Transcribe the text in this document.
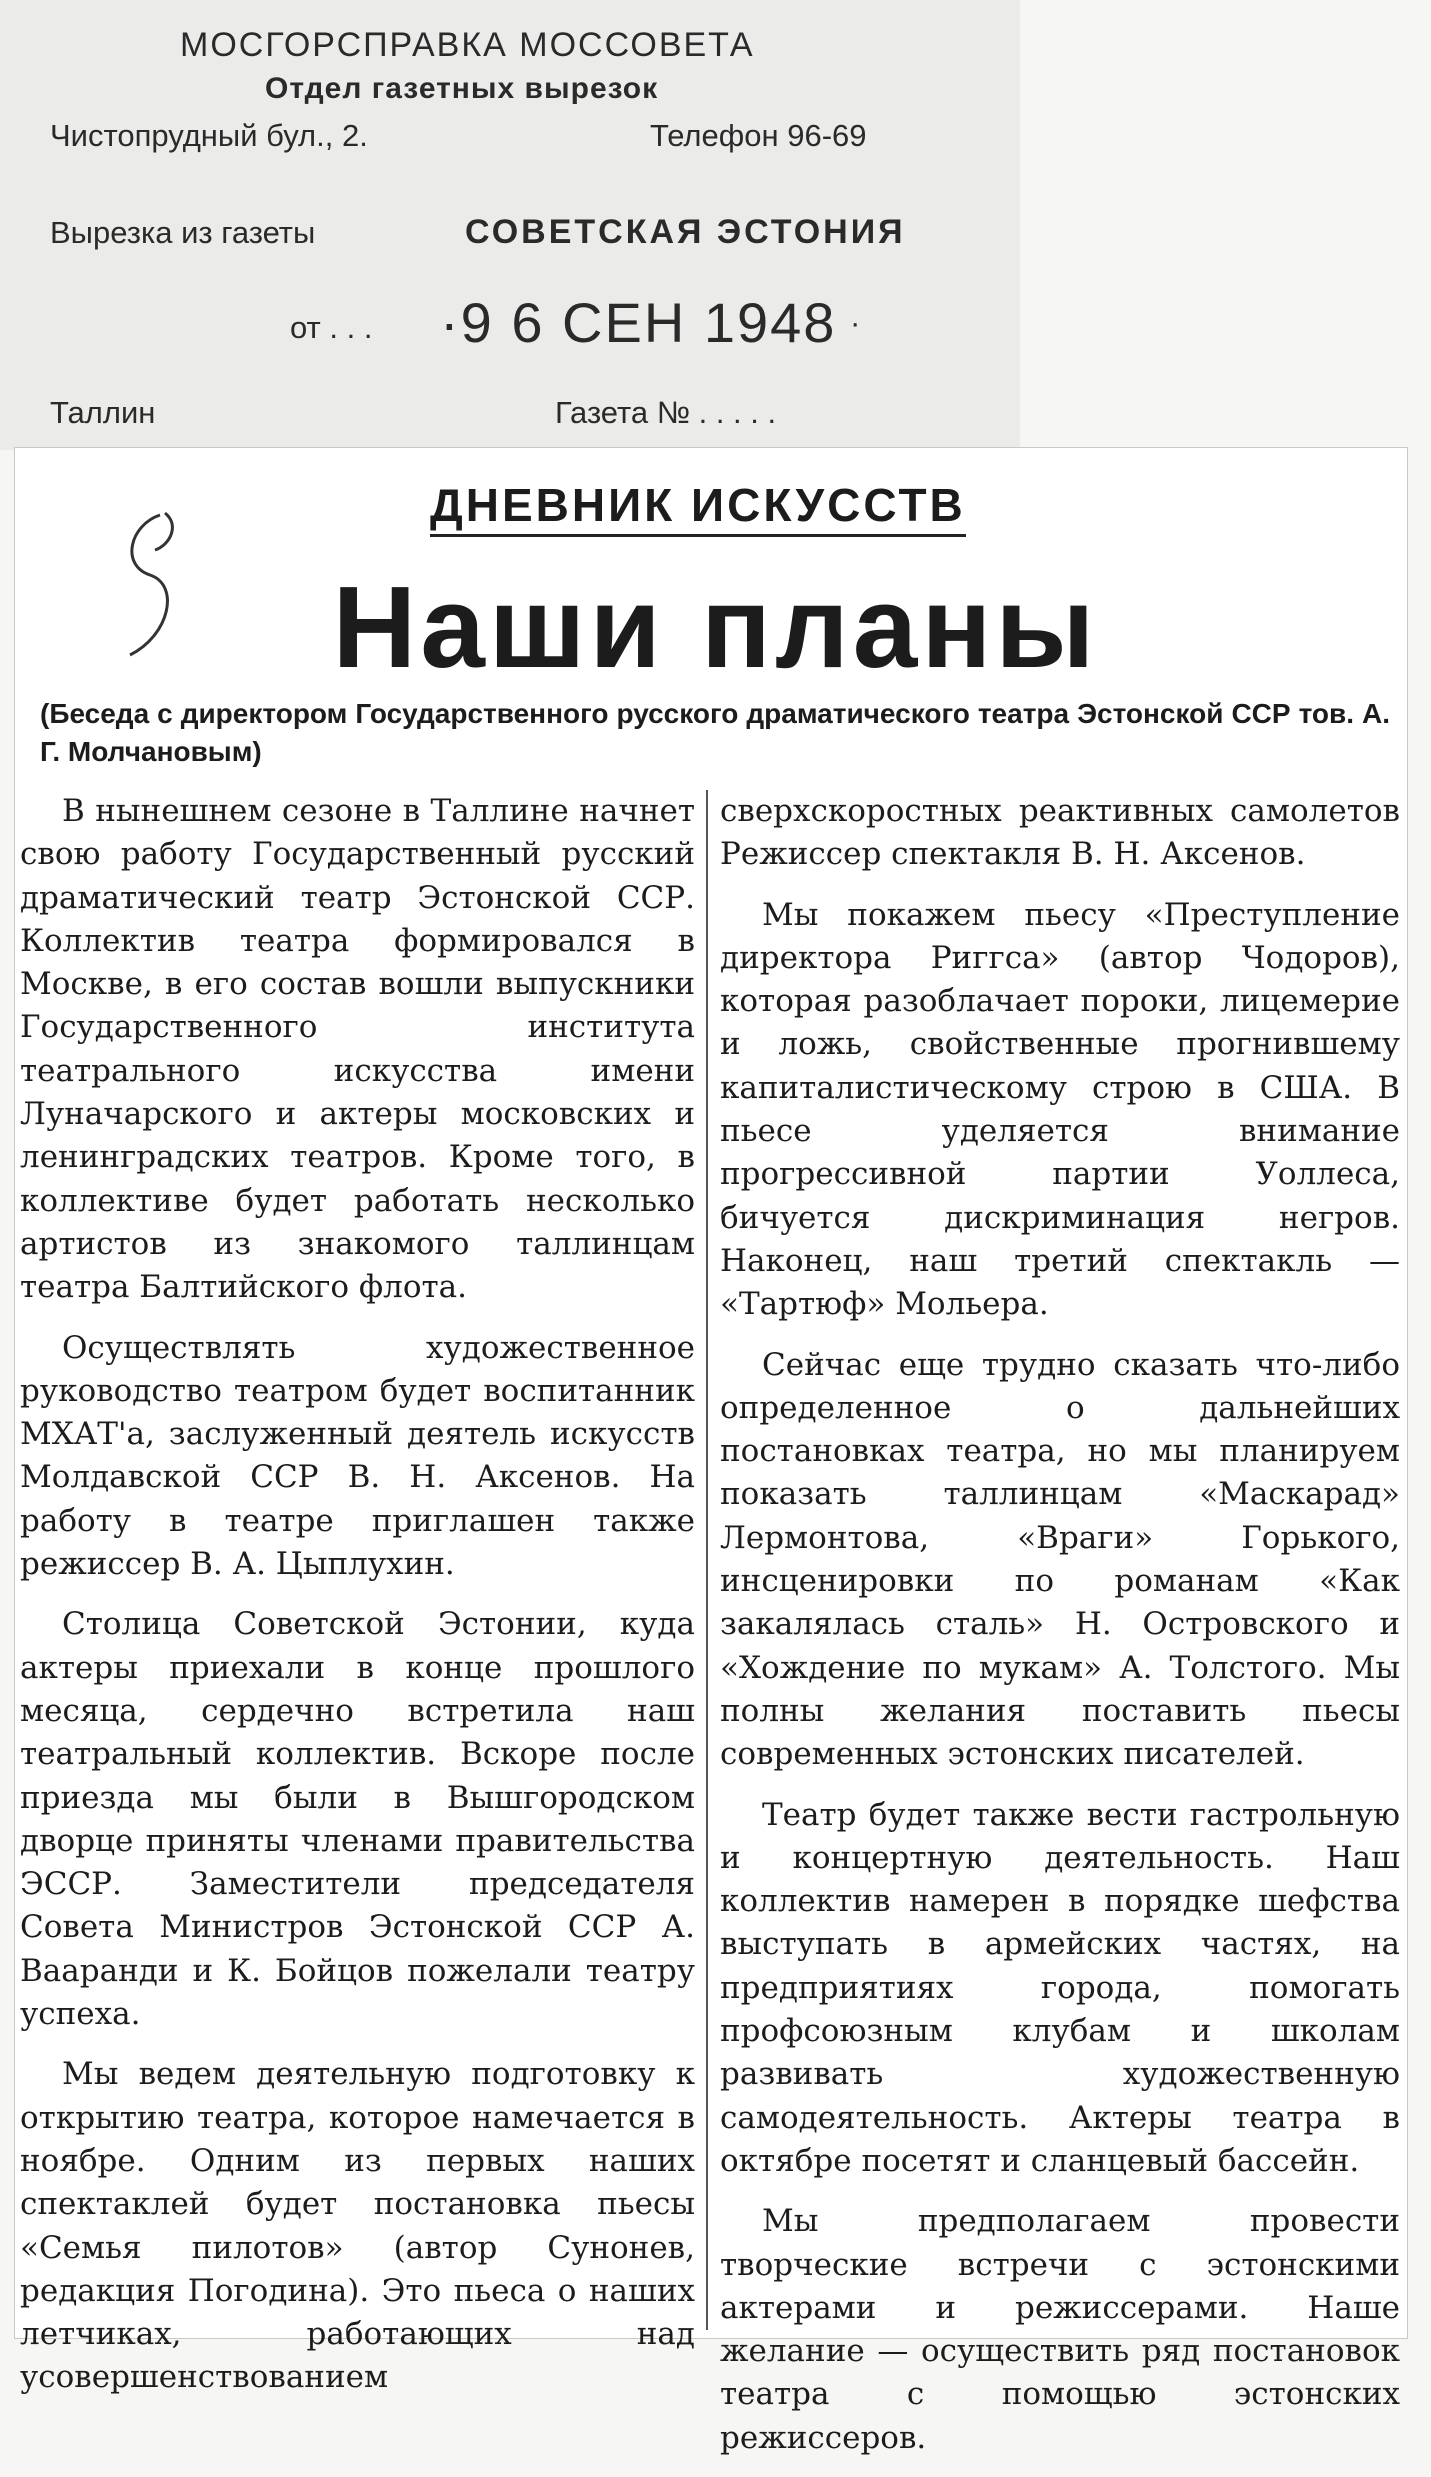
МОСГОРСПРАВКА МОССОВЕТА
Отдел газетных вырезок
Чистопрудный бул., 2.	Телефон 96-69
Вырезка из газеты	СОВЕТСКАЯ ЭСТОНИЯ
от . . . ·9 6 СЕН 1948 ·
Таллин	Газета № . . . . .
ДНЕВНИК ИСКУССТВ
Наши планы
(Беседа с директором Государственного русского драматического театра Эстонской ССР тов. А. Г. Молчановым)

В нынешнем сезоне в Таллине начнет свою работу Государственный русский драматический театр Эстонской ССР. Коллектив театра формировался в Москве, в его состав вошли выпускники Государственного института театрального искусства имени Луначарского и актеры московских и ленинградских театров. Кроме того, в коллективе будет работать несколько артистов из знакомого таллинцам театра Балтийского флота.

Осуществлять художественное руководство театром будет воспитанник МХАТ'а, заслуженный деятель искусств Молдавской ССР В. Н. Аксенов. На работу в театре приглашен также режиссер В. А. Цыплухин.

Столица Советской Эстонии, куда актеры приехали в конце прошлого месяца, сердечно встретила наш театральный коллектив. Вскоре после приезда мы были в Вышгородском дворце приняты членами правительства ЭССР. Заместители председателя Совета Министров Эстонской ССР А. Вааранди и К. Бойцов пожелали театру успеха.

Мы ведем деятельную подготовку к открытию театра, которое намечается в ноябре. Одним из первых наших спектаклей будет постановка пьесы «Семья пилотов» (автор Сунонев, редакция Погодина). Это пьеса о наших летчиках, работающих над усовершенствованием

сверхскоростных реактивных самолетов Режиссер спектакля В. Н. Аксенов.

Мы покажем пьесу «Преступление директора Риггса» (автор Чодоров), которая разоблачает пороки, лицемерие и ложь, свойственные прогнившему капиталистическому строю в США. В пьесе уделяется внимание прогрессивной партии Уоллеса, бичуется дискриминация негров. Наконец, наш третий спектакль — «Тартюф» Мольера.

Сейчас еще трудно сказать что-либо определенное о дальнейших постановках театра, но мы планируем показать таллинцам «Маскарад» Лермонтова, «Враги» Горького, инсценировки по романам «Как закалялась сталь» Н. Островского и «Хождение по мукам» А. Толстого. Мы полны желания поставить пьесы современных эстонских писателей.

Театр будет также вести гастрольную и концертную деятельность. Наш коллектив намерен в порядке шефства выступать в армейских частях, на предприятиях города, помогать профсоюзным клубам и школам развивать художественную самодеятельность. Актеры театра в октябре посетят и сланцевый бассейн.

Мы предполагаем провести творческие встречи с эстонскими актерами и режиссерами. Наше желание — осуществить ряд постановок театра с помощью эстонских режиссеров.
